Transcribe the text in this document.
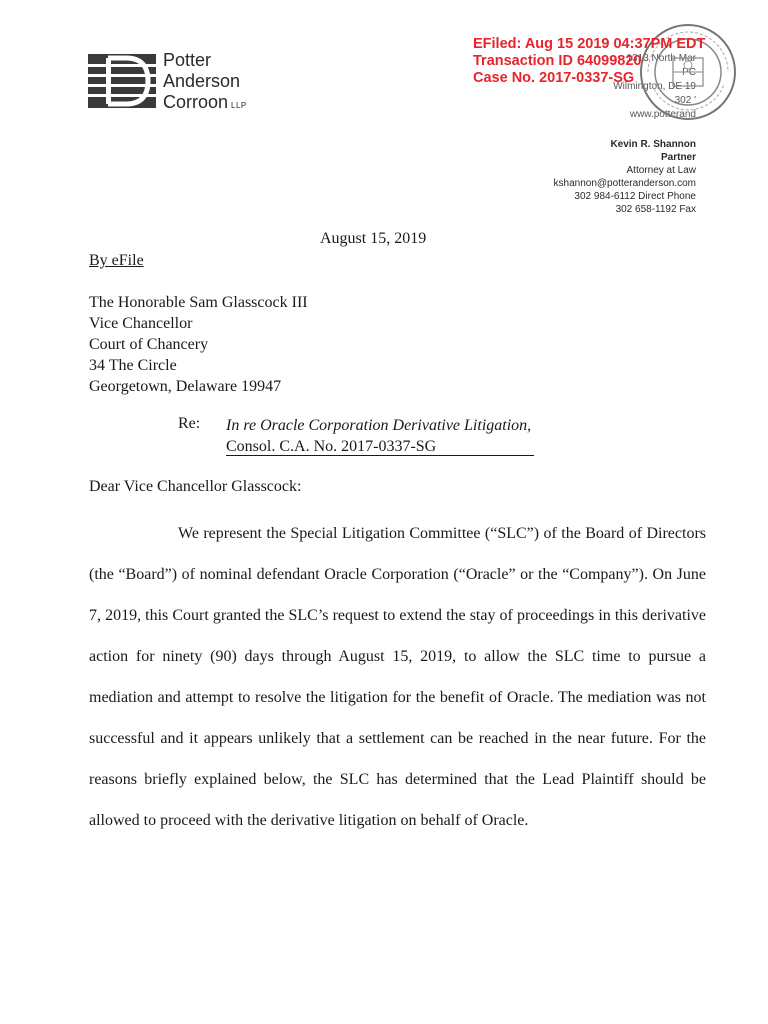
Potter
Anderson
Corroon LLP
1313 North Mar
PC
Wilmington, DE 19
302 '
www.potterand
EFiled: Aug 15 2019 04:37PM EDT
Transaction ID 64099820
Case No. 2017-0337-SG
Kevin R. Shannon
Partner
Attorney at Law
kshannon@potteranderson.com
302 984-6112 Direct Phone
302 658-1192 Fax
August 15, 2019
By eFile
The Honorable Sam Glasscock III
Vice Chancellor
Court of Chancery
34 The Circle
Georgetown, Delaware 19947
Re: In re Oracle Corporation Derivative Litigation,
Consol. C.A. No. 2017-0337-SG
Dear Vice Chancellor Glasscock:
We represent the Special Litigation Committee (“SLC”) of the Board of Directors (the “Board”) of nominal defendant Oracle Corporation (“Oracle” or the “Company”). On June 7, 2019, this Court granted the SLC’s request to extend the stay of proceedings in this derivative action for ninety (90) days through August 15, 2019, to allow the SLC time to pursue a mediation and attempt to resolve the litigation for the benefit of Oracle. The mediation was not successful and it appears unlikely that a settlement can be reached in the near future. For the reasons briefly explained below, the SLC has determined that the Lead Plaintiff should be allowed to proceed with the derivative litigation on behalf of Oracle.
